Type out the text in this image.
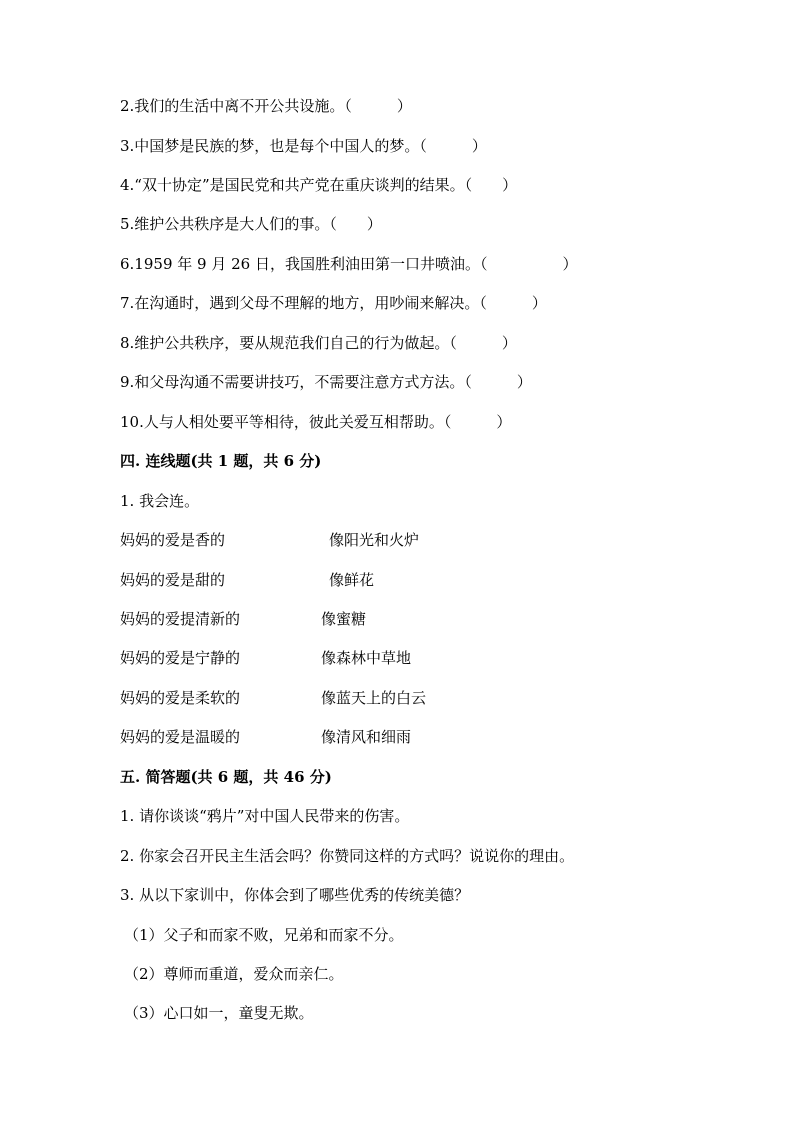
2.我们的生活中离不开公共设施。（　　　）
3.中国梦是民族的梦，也是每个中国人的梦。（　　　）
4.“双十协定”是国民党和共产党在重庆谈判的结果。（　　）
5.维护公共秩序是大人们的事。（　　）
6.1959 年 9 月 26 日，我国胜利油田第一口井喷油。（　　　　　）
7.在沟通时，遇到父母不理解的地方，用吵闹来解决。（　　　）
8.维护公共秩序，要从规范我们自己的行为做起。（　　　）
9.和父母沟通不需要讲技巧，不需要注意方式方法。（　　　）
10.人与人相处要平等相待，彼此关爱互相帮助。（　　　）
四. 连线题(共 1 题，共 6 分)
1. 我会连。
妈妈的爱是香的	像阳光和火炉
妈妈的爱是甜的	像鲜花
妈妈的爱提清新的	像蜜糖
妈妈的爱是宁静的	像森林中草地
妈妈的爱是柔软的	像蓝天上的白云
妈妈的爱是温暖的	像清风和细雨
五. 简答题(共 6 题，共 46 分)
1. 请你谈谈“鸦片”对中国人民带来的伤害。
2. 你家会召开民主生活会吗？你赞同这样的方式吗？说说你的理由。
3. 从以下家训中，你体会到了哪些优秀的传统美德？
（1）父子和而家不败，兄弟和而家不分。
（2）尊师而重道，爱众而亲仁。
（3）心口如一，童叟无欺。
